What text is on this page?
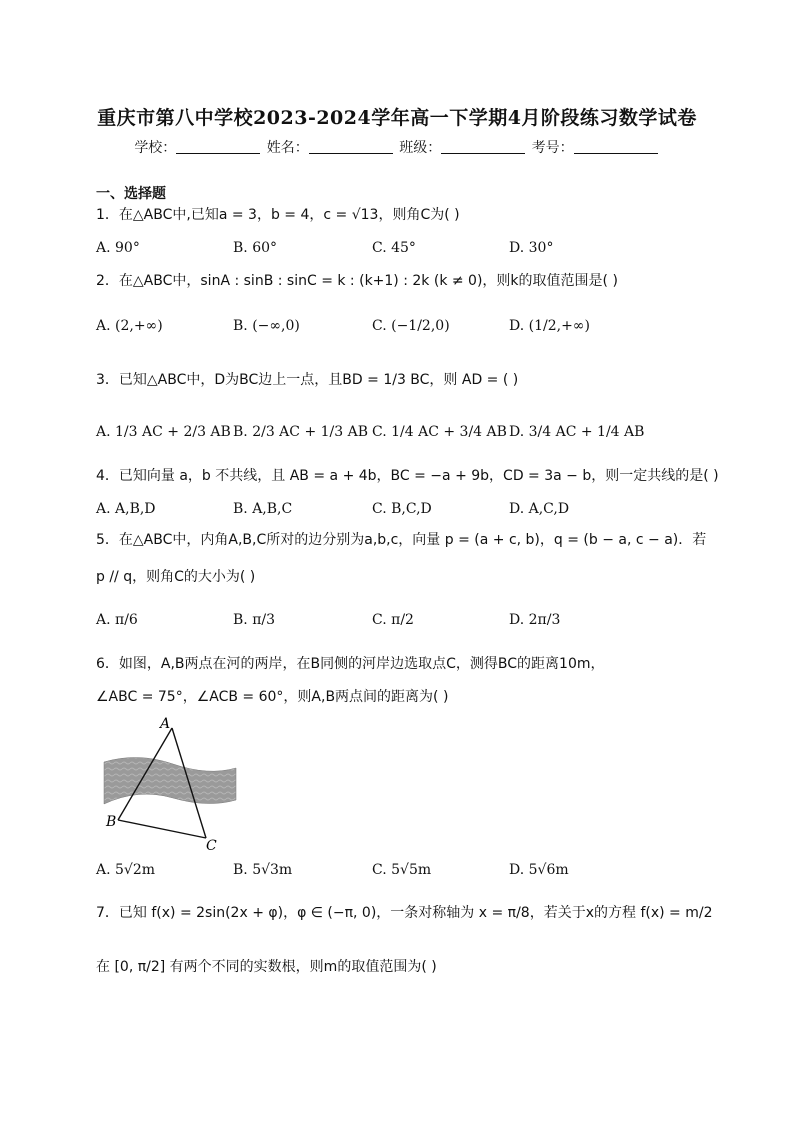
重庆市第八中学校2023-2024学年高一下学期4月阶段练习数学试卷
学校：	姓名：	班级：	考号：
一、选择题
1．在△ABC中,已知a = 3，b = 4，c = √13，则角C为( )
A. 90°	B. 60°	C. 45°	D. 30°
2．在△ABC中，sinA : sinB : sinC = k : (k+1) : 2k (k ≠ 0)，则k的取值范围是( )
A. (2,+∞)	B. (−∞,0)	C. (−1/2,0)	D. (1/2,+∞)
3．已知△ABC中，D为BC边上一点，且BD = 1/3 BC，则 AD = ( )
A. 1/3 AC + 2/3 AB B. 2/3 AC + 1/3 AB C. 1/4 AC + 3/4 AB D. 3/4 AC + 1/4 AB
4．已知向量 a，b 不共线，且 AB = a + 4b，BC = −a + 9b，CD = 3a − b，则一定共线的是( )
A. A,B,D	B. A,B,C	C. B,C,D	D. A,C,D
5．在△ABC中，内角A,B,C所对的边分别为a,b,c，向量 p = (a + c, b)，q = (b − a, c − a)．若
p // q，则角C的大小为( )
A. π/6	B. π/3	C. π/2	D. 2π/3
6．如图，A,B两点在河的两岸，在B同侧的河岸边选取点C，测得BC的距离10m，
∠ABC = 75°，∠ACB = 60°，则A,B两点间的距离为( )
A
B
C
A. 5√2m	B. 5√3m	C. 5√5m	D. 5√6m
7．已知 f(x) = 2sin(2x + φ)，φ ∈ (−π, 0)，一条对称轴为 x = π/8，若关于x的方程 f(x) = m/2
在 [0, π/2] 有两个不同的实数根，则m的取值范围为( )
